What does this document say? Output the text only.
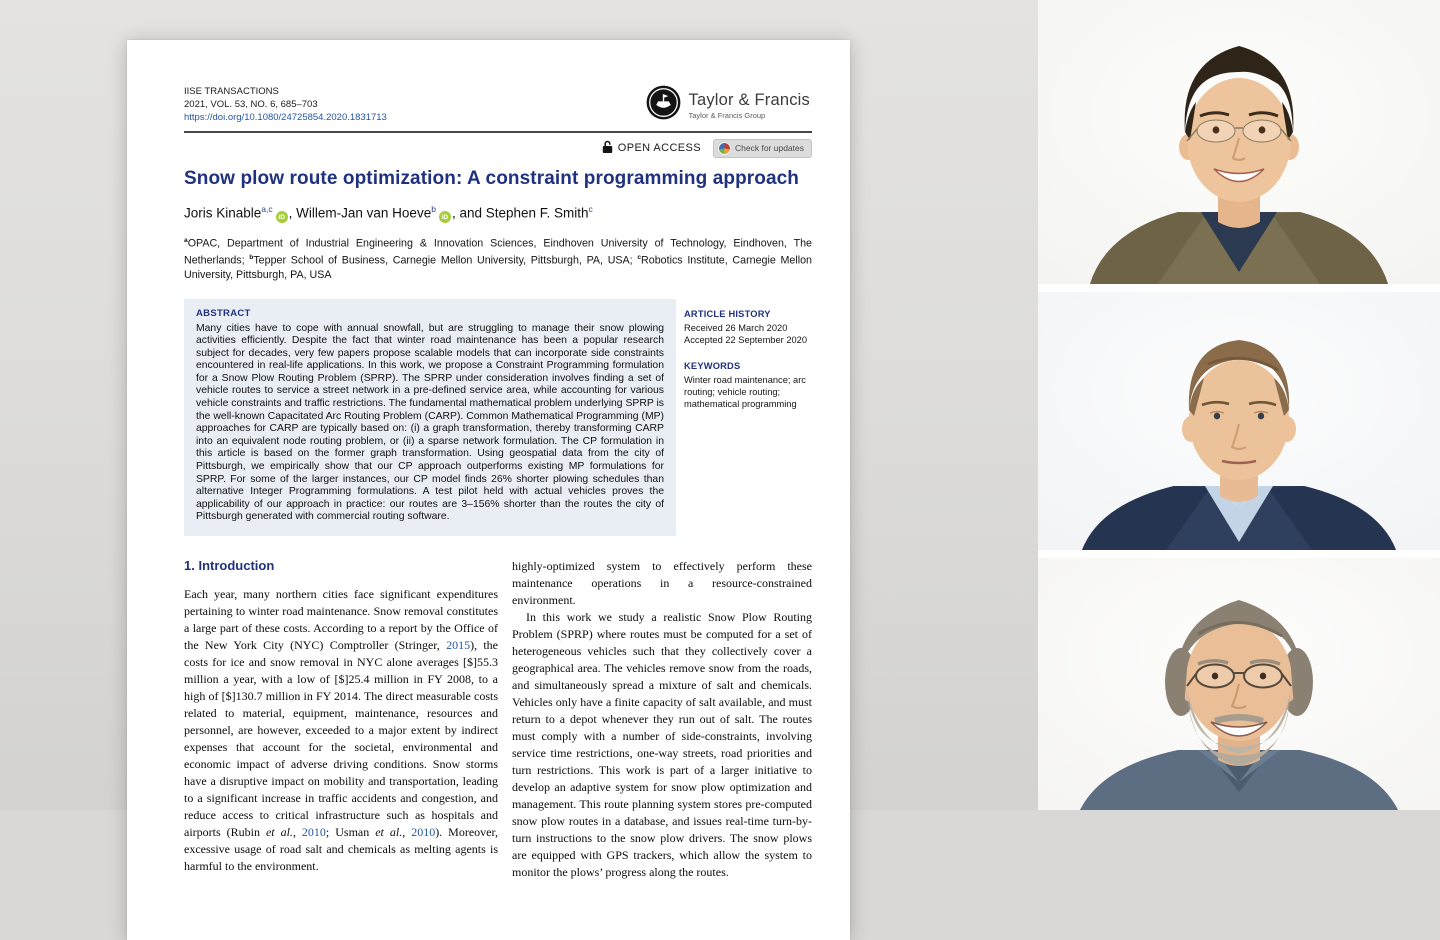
IISE TRANSACTIONS
2021, VOL. 53, NO. 6, 685–703
https://doi.org/10.1080/24725854.2020.1831713
Taylor & Francis
Taylor & Francis Group
OPEN ACCESS	Check for updates
Snow plow route optimization: A constraint programming approach
Joris Kinable$^{a,c}$iD , Willem-Jan van Hoeve$^b$iD , and Stephen F. Smith$^c$
$^a$OPAC, Department of Industrial Engineering & Innovation Sciences, Eindhoven University of Technology, Eindhoven, The Netherlands; $^b$Tepper School of Business, Carnegie Mellon University, Pittsburgh, PA, USA; $^c$Robotics Institute, Carnegie Mellon University, Pittsburgh, PA, USA
ABSTRACT
Many cities have to cope with annual snowfall, but are struggling to manage their snow plowing activities efficiently. Despite the fact that winter road maintenance has been a popular research subject for decades, very few papers propose scalable models that can incorporate side constraints encountered in real-life applications. In this work, we propose a Constraint Programming formulation for a Snow Plow Routing Problem (SPRP). The SPRP under consideration involves finding a set of vehicle routes to service a street network in a pre-defined service area, while accounting for various vehicle constraints and traffic restrictions. The fundamental mathematical problem underlying SPRP is the well-known Capacitated Arc Routing Problem (CARP). Common Mathematical Programming (MP) approaches for CARP are typically based on: (i) a graph transformation, thereby transforming CARP into an equivalent node routing problem, or (ii) a sparse network formulation. The CP formulation in this article is based on the former graph transformation. Using geospatial data from the city of Pittsburgh, we empirically show that our CP approach outperforms existing MP formulations for SPRP. For some of the larger instances, our CP model finds 26% shorter plowing schedules than alternative Integer Programming formulations. A test pilot held with actual vehicles proves the applicability of our approach in practice: our routes are 3–156% shorter than the routes the city of Pittsburgh generated with commercial routing software.
ARTICLE HISTORY

Received 26 March 2020
Accepted 22 September 2020

KEYWORDS

Winter road maintenance; arc routing; vehicle routing; mathematical programming

1. Introduction

Each year, many northern cities face significant expenditures pertaining to winter road maintenance. Snow removal constitutes a large part of these costs. According to a report by the Office of the New York City (NYC) Comptroller (Stringer, 2015), the costs for ice and snow removal in NYC alone averages [$]55.3 million a year, with a low of [$]25.4 million in FY 2008, to a high of [$]130.7 million in FY 2014. The direct measurable costs related to material, equipment, maintenance, resources and personnel, are however, exceeded to a major extent by indirect expenses that account for the societal, environmental and economic impact of adverse driving conditions. Snow storms have a disruptive impact on mobility and transportation, leading to a significant increase in traffic accidents and congestion, and reduce access to critical infrastructure such as hospitals and airports (Rubin et al., 2010; Usman et al., 2010). Moreover, excessive usage of road salt and chemicals as melting agents is harmful to the environment.

highly-optimized system to effectively perform these maintenance operations in a resource-constrained environment.

In this work we study a realistic Snow Plow Routing Problem (SPRP) where routes must be computed for a set of heterogeneous vehicles such that they collectively cover a geographical area. The vehicles remove snow from the roads, and simultaneously spread a mixture of salt and chemicals. Vehicles only have a finite capacity of salt available, and must return to a depot whenever they run out of salt. The routes must comply with a number of side-constraints, involving service time restrictions, one-way streets, road priorities and turn restrictions. This work is part of a larger initiative to develop an adaptive system for snow plow optimization and management. This route planning system stores pre-computed snow plow routes in a database, and issues real-time turn-by-turn instructions to the snow plow drivers. The snow plows are equipped with GPS trackers, which allow the system to monitor the plows’ progress along the routes.
